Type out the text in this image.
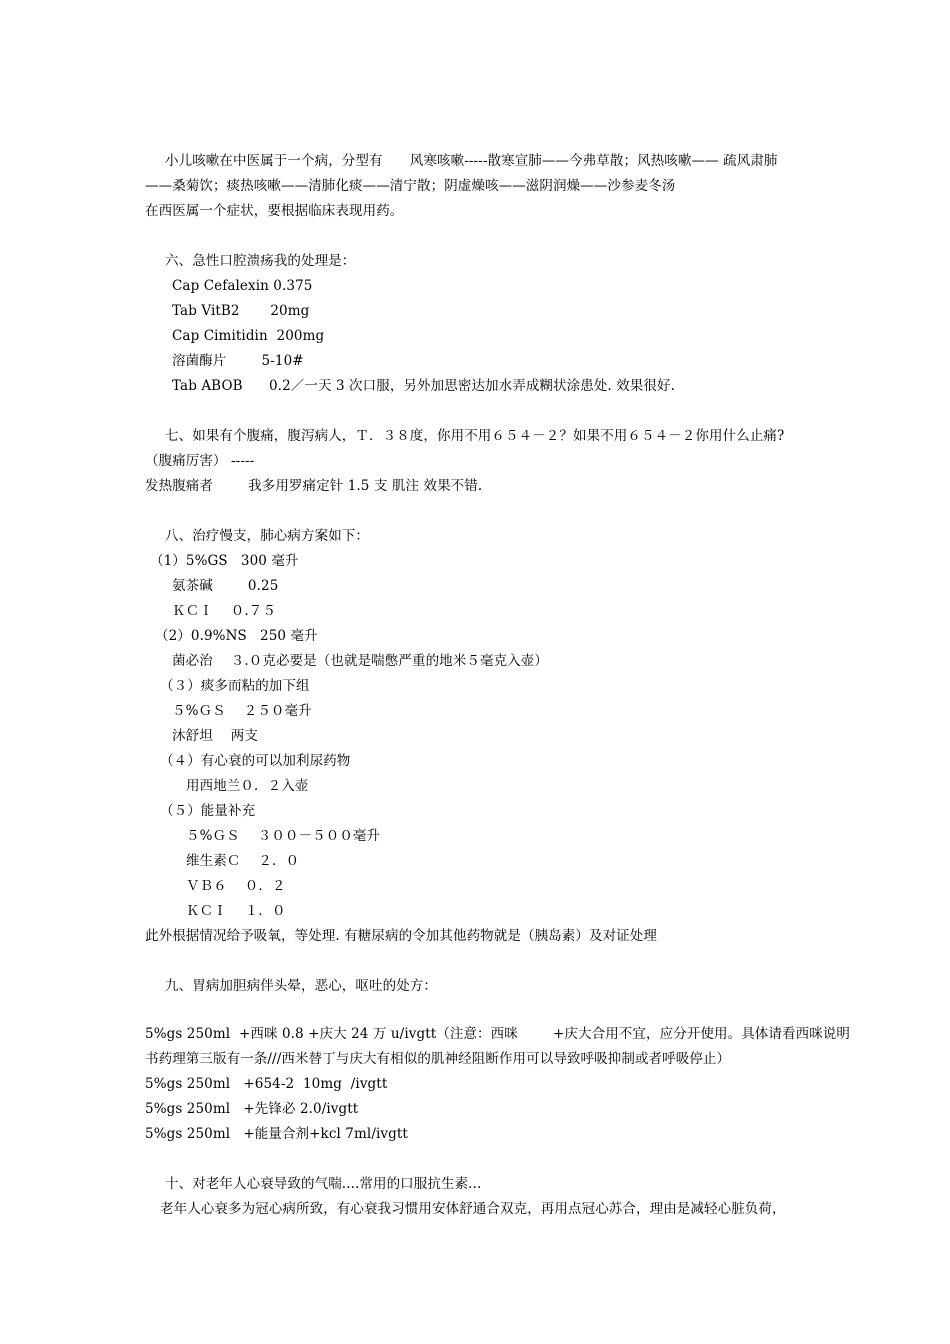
小儿咳嗽在中医属于一个病，分型有　　风寒咳嗽-----散寒宣肺——今弗草散；风热咳嗽—— 疏风肃肺
——桑菊饮；痰热咳嗽——清肺化痰——清宁散；阴虚燥咳——滋阴润燥——沙参麦冬汤
在西医属一个症状，要根据临床表现用药。
六、急性口腔溃疡我的处理是：
Cap Cefalexin 0.375
Tab VitB2       20mg
Cap Cimitidin  200mg
溶菌酶片        5-10#
Tab ABOB      0.2／一天 3 次口服，另外加思密达加水弄成糊状涂患处. 效果很好.
七、如果有个腹痛，腹泻病人，Ｔ．３８度，你用不用６５４－２？如果不用６５４－２你用什么止痛?
（腹痛厉害） -----
发热腹痛者        我多用罗痛定针 1.5 支 肌注 效果不错.
八、治疗慢支，肺心病方案如下：
（1）5%GS   300 毫升
氨茶碱        0.25
ＫＣＩ　 ０.７５
（2）0.9%NS   250 毫升
菌必治　 ３.０克必要是（也就是喘憋严重的地米５毫克入壶）
（３）痰多而粘的加下组
５%ＧＳ　 ２５０毫升
沐舒坦　 两支
（４）有心衰的可以加利尿药物
用西地兰０．２入壶
（５）能量补充
５%ＧＳ　 ３００－５００毫升
维生素Ｃ　 ２．０
ＶＢ６　 ０．２
ＫＣＩ　 １．０
此外根据情况给予吸氧，等处理. 有糖尿病的令加其他药物就是（胰岛素）及对证处理
九、胃病加胆病伴头晕，恶心，呕吐的处方：
5%gs 250ml  +西咪 0.8 +庆大 24 万 u/ivgtt（注意：西咪        +庆大合用不宜，应分开使用。具体请看西咪说明
书药理第三版有一条///西米替丁与庆大有相似的肌神经阻断作用可以导致呼吸抑制或者呼吸停止）
5%gs 250ml   +654-2  10mg  /ivgtt
5%gs 250ml   +先锋必 2.0/ivgtt
5%gs 250ml   +能量合剂+kcl 7ml/ivgtt
十、对老年人心衰导致的气喘....常用的口服抗生素...
老年人心衰多为冠心病所致，有心衰我习惯用安体舒通合双克，再用点冠心苏合，理由是减轻心脏负荷，
